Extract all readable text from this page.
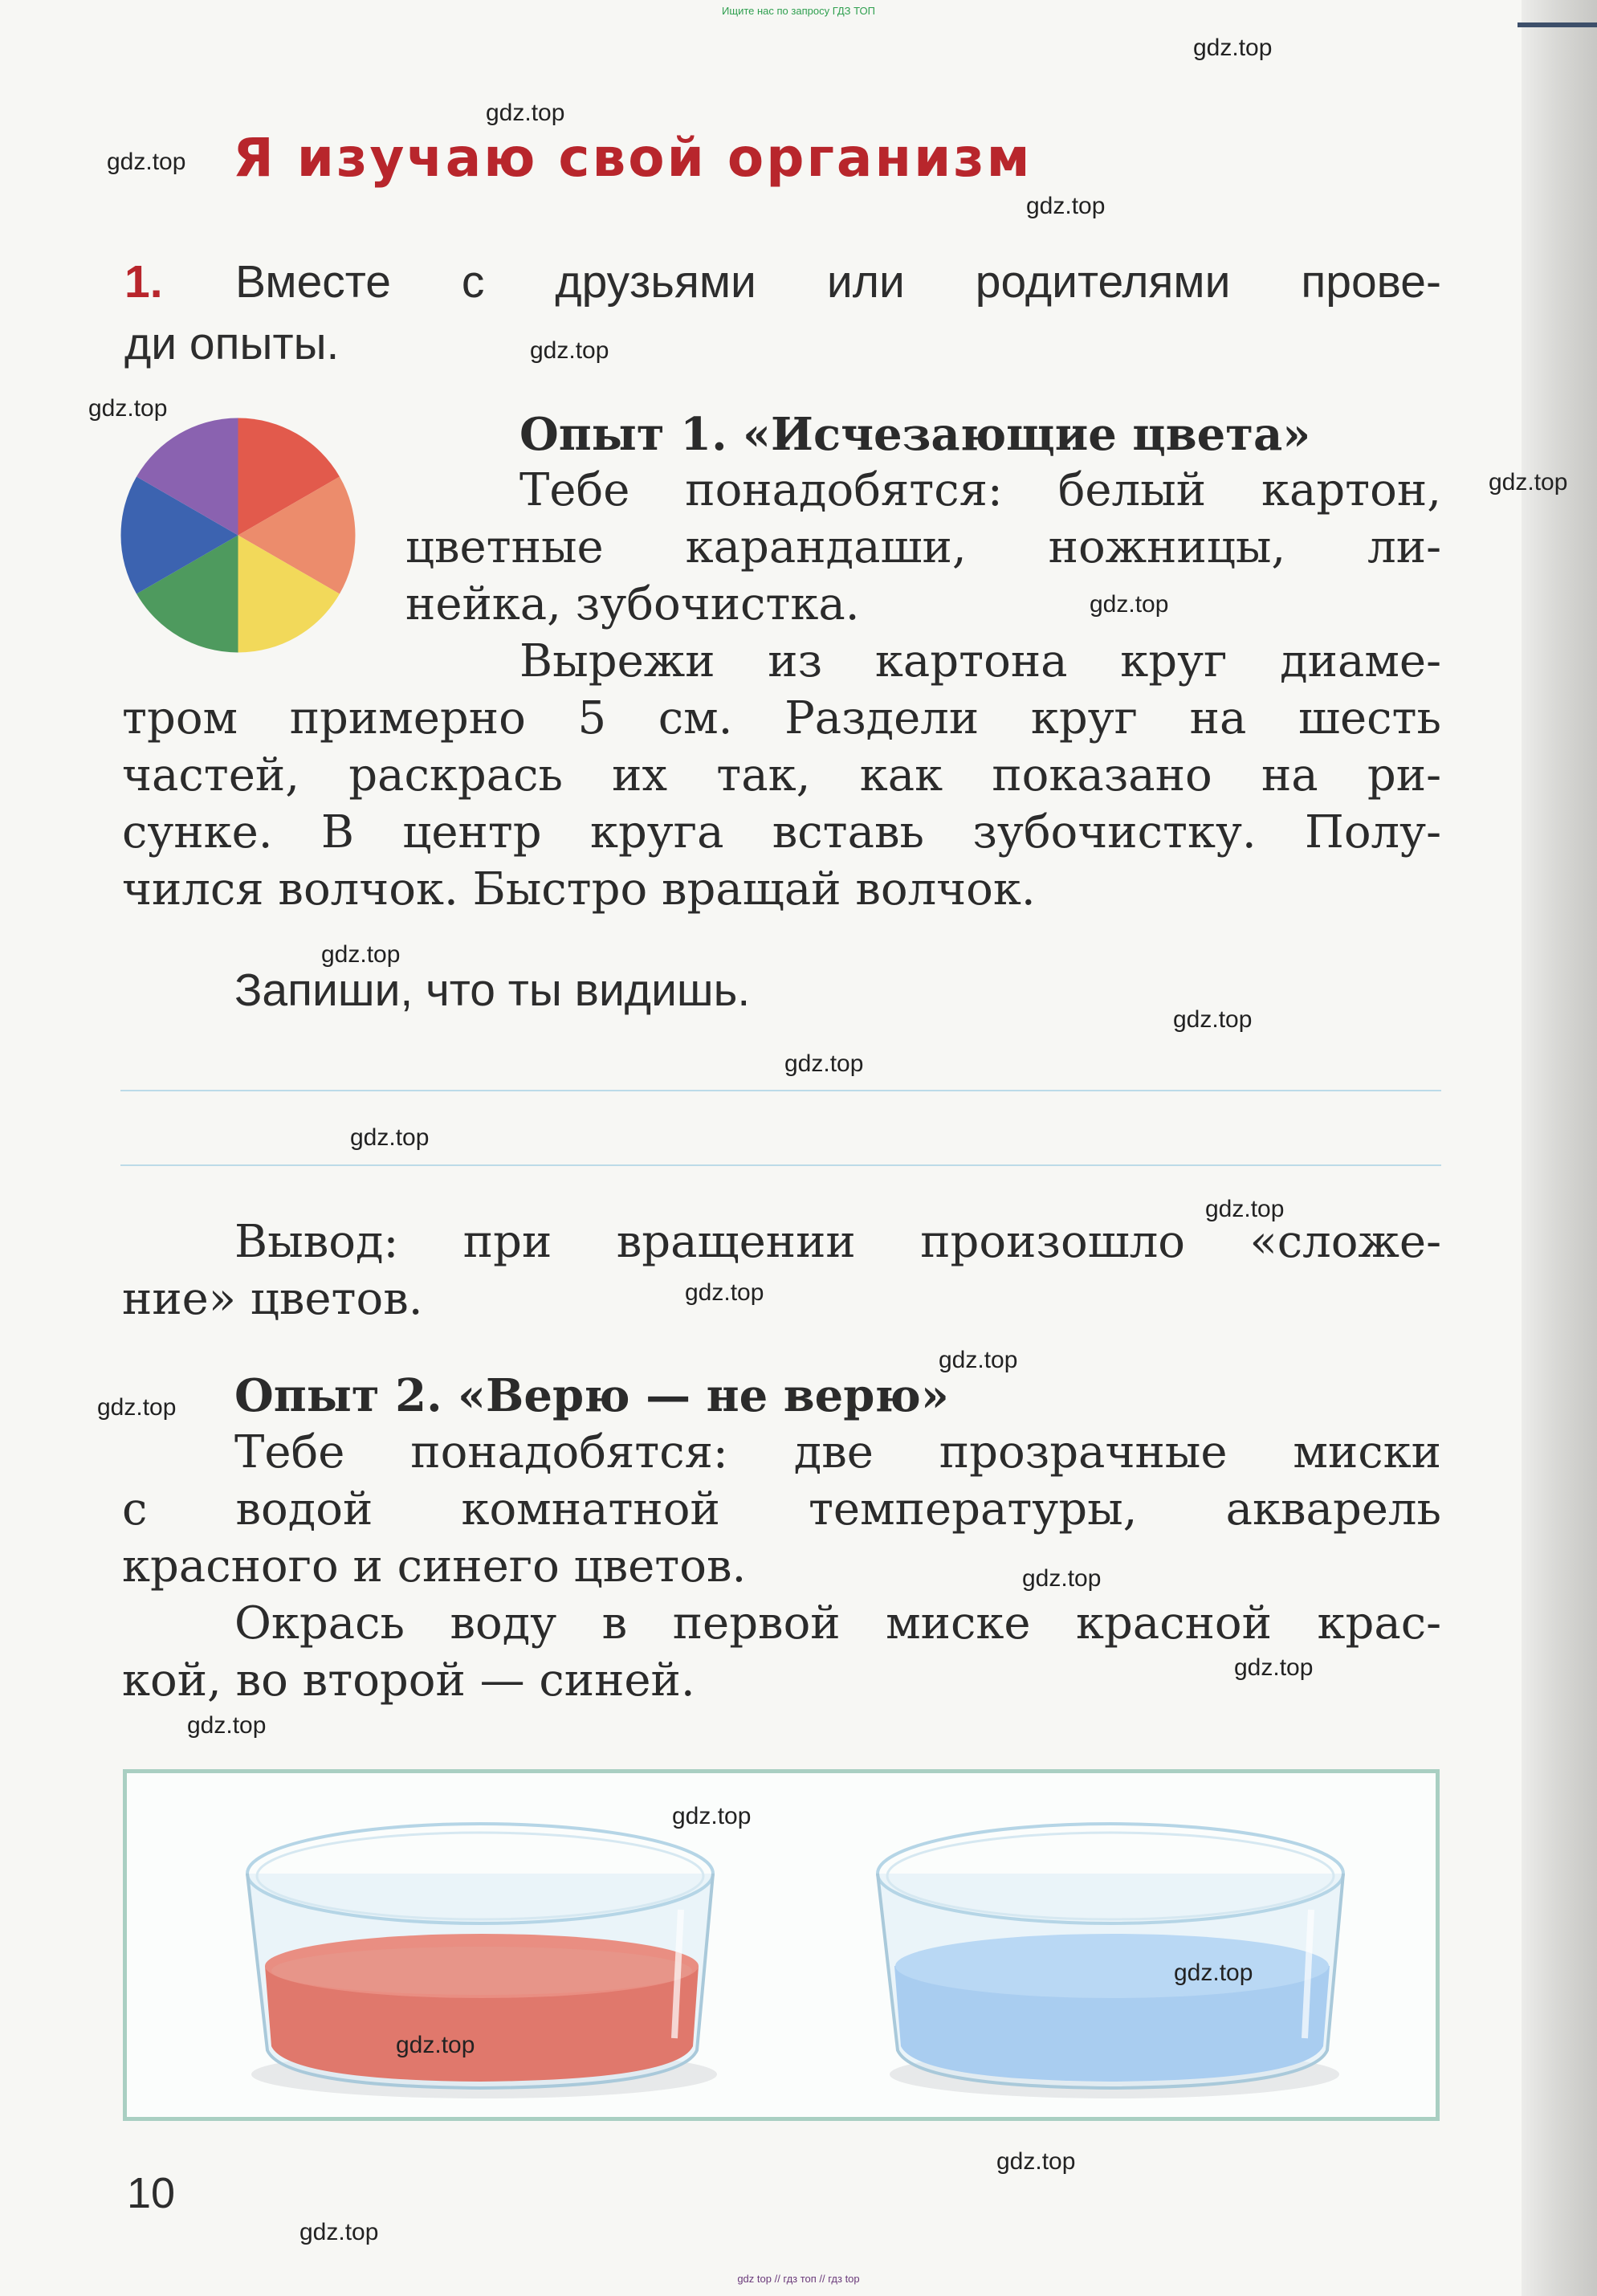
Ищите нас по запросу ГДЗ ТОП
Я изучаю свой организм
1. Вместе с друзьями или родителями прове-
ди опыты.
Опыт 1. «Исчезающие цвета»
Тебе понадобятся: белый картон,
цветные карандаши, ножницы, ли-
нейка, зубочистка.
Вырежи из картона круг диаме-
тром примерно 5 см. Раздели круг на шесть
частей, раскрась их так, как показано на ри-
сунке. В центр круга вставь зубочистку. Полу-
чился волчок. Быстро вращай волчок.
Запиши, что ты видишь.
Вывод: при вращении произошло «сложе-
ние» цветов.
Опыт 2. «Верю — не верю»
Тебе понадобятся: две прозрачные миски
с водой комнатной температуры, акварель
красного и синего цветов.
Окрась воду в первой миске красной крас-
кой, во второй — синей.
10
gdz.top
gdz.top
gdz.top
gdz.top
gdz.top
gdz.top
gdz.top
gdz.top
gdz.top
gdz.top
gdz.top
gdz.top
gdz.top
gdz.top
gdz.top
gdz.top
gdz.top
gdz.top
gdz.top
gdz.top
gdz.top
gdz.top
gdz.top
gdz.top
gdz top // гдз топ // гдз top
